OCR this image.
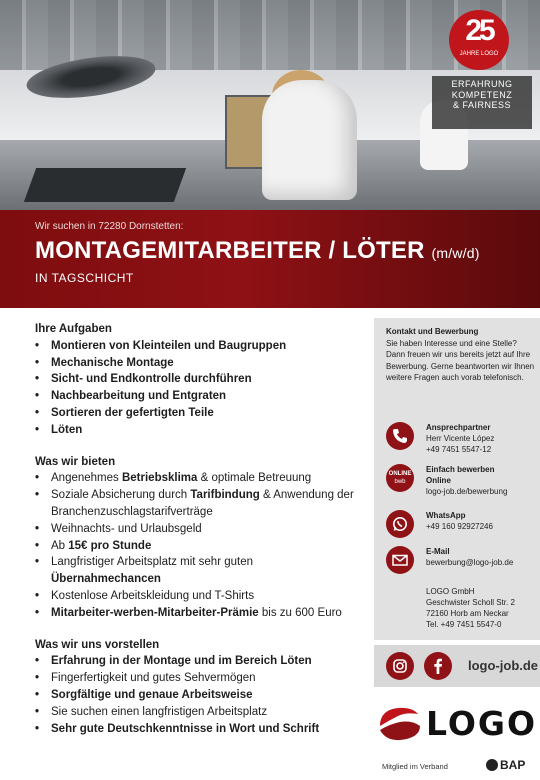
25
JAHRE LOGO
ERFAHRUNG
KOMPETENZ
& FAIRNESS
Wir suchen in 72280 Dornstetten:
MONTAGEMITARBEITER / LÖTER (m/w/d)
IN TAGSCHICHT
Ihre Aufgaben
• Montieren von Kleinteilen und Baugruppen
• Mechanische Montage
• Sicht- und Endkontrolle durchführen
• Nachbearbeitung und Entgraten
• Sortieren der gefertigten Teile
• Löten
Was wir bieten
• Angenehmes Betriebsklima & optimale Betreuung
• Soziale Absicherung durch Tarifbindung & Anwendung der Branchenzuschlagstarifverträge
• Weihnachts- und Urlaubsgeld
• Ab 15€ pro Stunde
• Langfristiger Arbeitsplatz mit sehr guten Übernahmechancen
• Kostenlose Arbeitskleidung und T-Shirts
• Mitarbeiter-werben-Mitarbeiter-Prämie bis zu 600 Euro
Was wir uns vorstellen
• Erfahrung in der Montage und im Bereich Löten
• Fingerfertigkeit und gutes Sehvermögen
• Sorgfältige und genaue Arbeitsweise
• Sie suchen einen langfristigen Arbeitsplatz
• Sehr gute Deutschkenntnisse in Wort und Schrift
Kontakt und Bewerbung
Sie haben Interesse und eine Stelle? Dann freuen wir uns bereits jetzt auf Ihre Bewerbung. Gerne beantworten wir Ihnen weitere Fragen auch vorab telefonisch.
Ansprechpartner
Herr Vicente López
+49 7451 5547-12
ONLINE
bwb
Einfach bewerben
Online
logo-job.de/bewerbung
WhatsApp
+49 160 92927246
E-Mail
bewerbung@logo-job.de
LOGO GmbH
Geschwister Scholl Str. 2
72160 Horb am Neckar
Tel. +49 7451 5547-0
logo-job.de
LOGO
Mitglied im Verband	BAP
